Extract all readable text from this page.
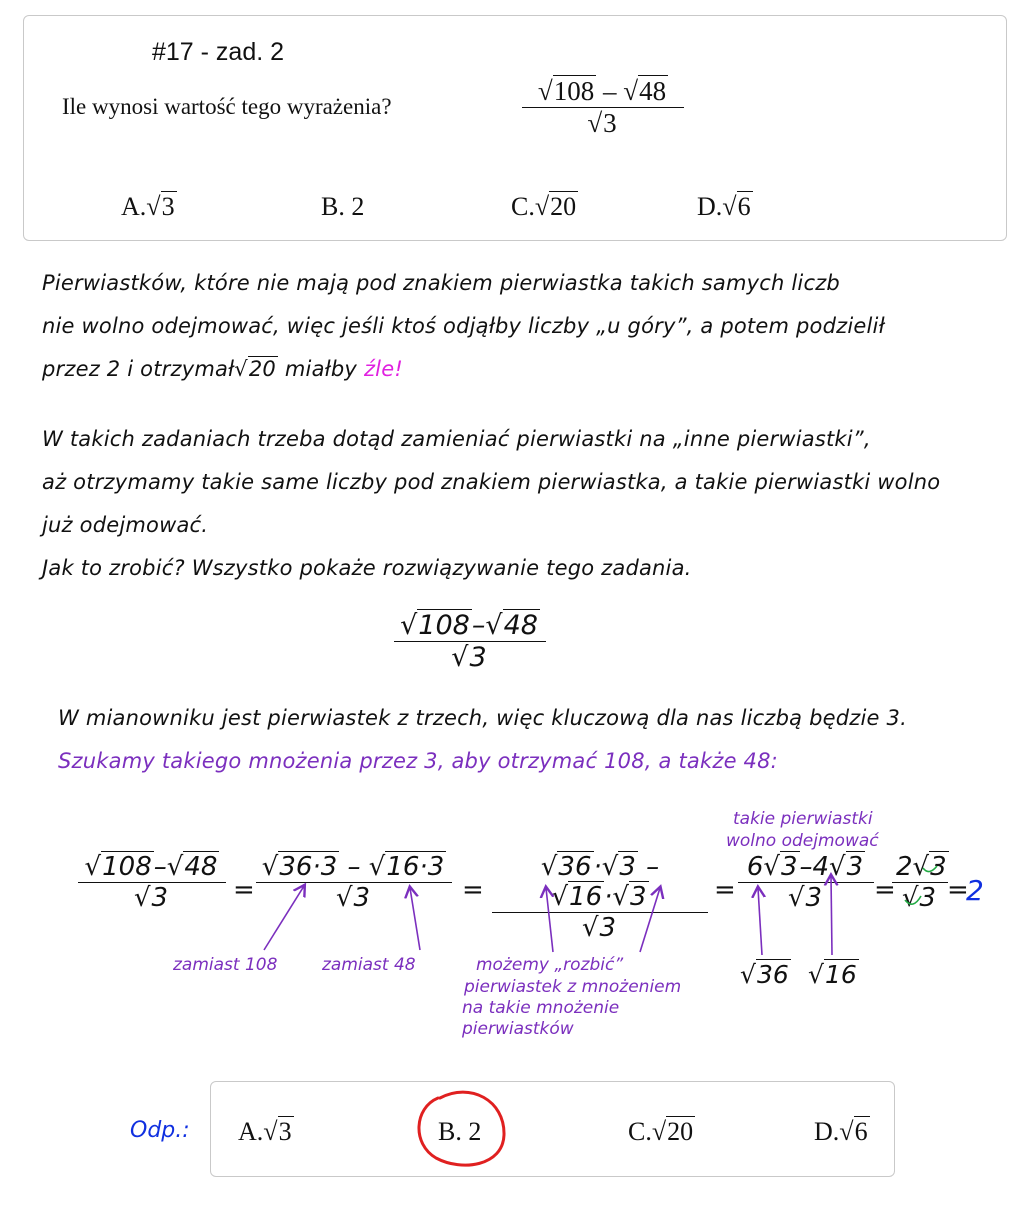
#17 - zad. 2
Ile wynosi wartość tego wyrażenia?
√108 – √48
√3
A.√3	B. 2	C.√20	D.√6
Pierwiastków, które nie mają pod znakiem pierwiastka takich samych liczb
nie wolno odejmować, więc jeśli ktoś odjąłby liczby „u góry”, a potem podzielił
przez 2 i otrzymał√20 miałby źle!
W takich zadaniach trzeba dotąd zamieniać pierwiastki na „inne pierwiastki”,
aż otrzymamy takie same liczby pod znakiem pierwiastka, a takie pierwiastki wolno
już odejmować.
Jak to zrobić? Wszystko pokaże rozwiązywanie tego zadania.
√108–√48
√3
W mianowniku jest pierwiastek z trzech, więc kluczową dla nas liczbą będzie 3.
Szukamy takiego mnożenia przez 3, aby otrzymać 108, a także 48:
√108–√48
√3	=
√36·3 – √16·3
√3	=
√36·√3 – √16·√3
√3
=
6√3–4√3
√3	=
2√3
√3 =
2
takie pierwiastki
wolno odejmować
zamiast 108	zamiast 48	możemy „rozbić”
pierwiastek z mnożeniem
na takie mnożenie
pierwiastków
√36 √16
Odp.: A.√3	B. 2	C.√20	D.√6
